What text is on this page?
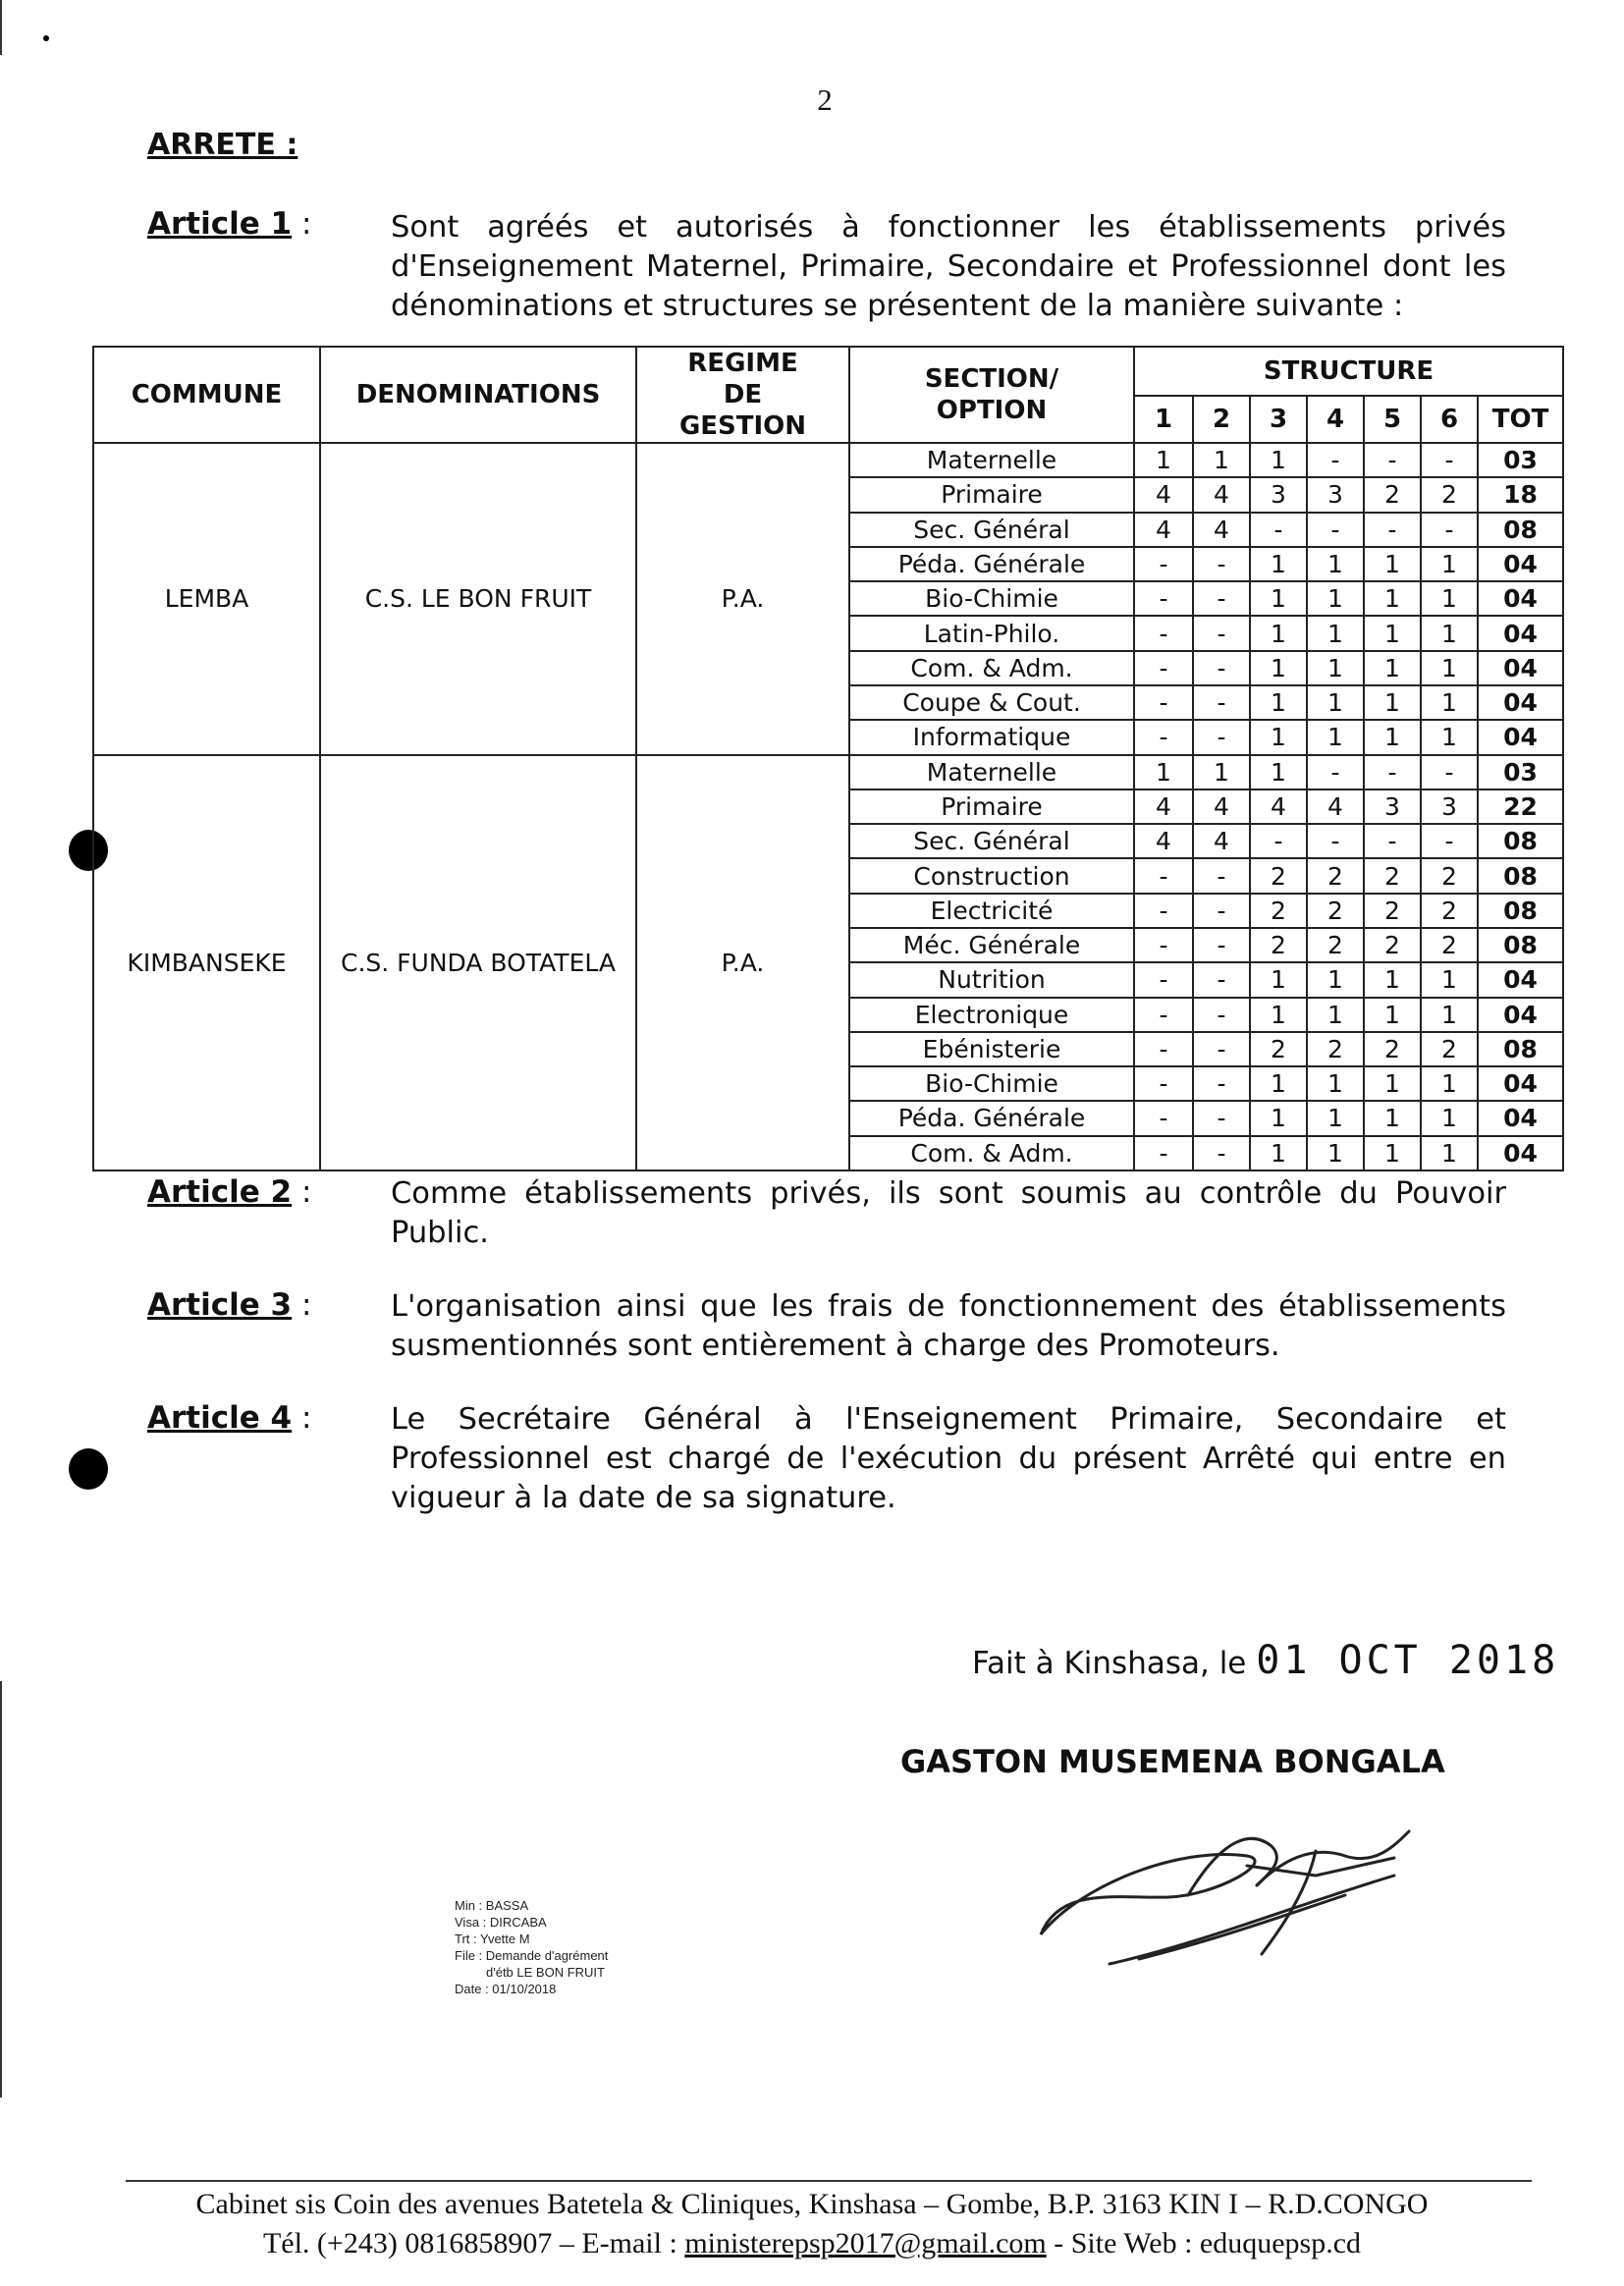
2
ARRETE :
Article 1 :	Sont agréés et autorisés à fonctionner les établissements privés d'Enseignement Maternel, Primaire, Secondaire et Professionnel dont les dénominations et structures se présentent de la manière suivante :
COMMUNE	DENOMINATIONS	REGIME DE GESTION	SECTION/ OPTION	STRUCTURE						
				1	2	3	4	5	6	TOT
LEMBA	C.S. LE BON FRUIT	P.A.	Maternelle	1	1	1	-	-	-	03
			Primaire	4	4	3	3	2	2	18
			Sec. Général	4	4	-	-	-	-	08
			Péda. Générale	-	-	1	1	1	1	04
			Bio-Chimie	-	-	1	1	1	1	04
			Latin-Philo.	-	-	1	1	1	1	04
			Com. & Adm.	-	-	1	1	1	1	04
			Coupe & Cout.	-	-	1	1	1	1	04
			Informatique	-	-	1	1	1	1	04
KIMBANSEKE	C.S. FUNDA BOTATELA	P.A.	Maternelle	1	1	1	-	-	-	03
			Primaire	4	4	4	4	3	3	22
			Sec. Général	4	4	-	-	-	-	08
			Construction	-	-	2	2	2	2	08
			Electricité	-	-	2	2	2	2	08
			Méc. Générale	-	-	2	2	2	2	08
			Nutrition	-	-	1	1	1	1	04
			Electronique	-	-	1	1	1	1	04
			Ebénisterie	-	-	2	2	2	2	08
			Bio-Chimie	-	-	1	1	1	1	04
			Péda. Générale	-	-	1	1	1	1	04
			Com. & Adm.	-	-	1	1	1	1	04
Article 2 :	Comme établissements privés, ils sont soumis au contrôle du Pouvoir Public.
Article 3 :	L'organisation ainsi que les frais de fonctionnement des établissements susmentionnés sont entièrement à charge des Promoteurs.
Article 4 :	Le Secrétaire Général à l'Enseignement Primaire, Secondaire et Professionnel est chargé de l'exécution du présent Arrêté qui entre en vigueur à la date de sa signature.
Fait à Kinshasa, le 01 OCT 2018
GASTON MUSEMENA BONGALA
Min : BASSA
Visa : DIRCABA
Trt : Yvette M
File : Demande d'agrément
d'étb LE BON FRUIT
Date : 01/10/2018
Cabinet sis Coin des avenues Batetela & Cliniques, Kinshasa – Gombe, B.P. 3163 KIN I – R.D.CONGO
Tél. (+243) 0816858907 – E-mail : ministerepsp2017@gmail.com - Site Web : eduquepsp.cd
